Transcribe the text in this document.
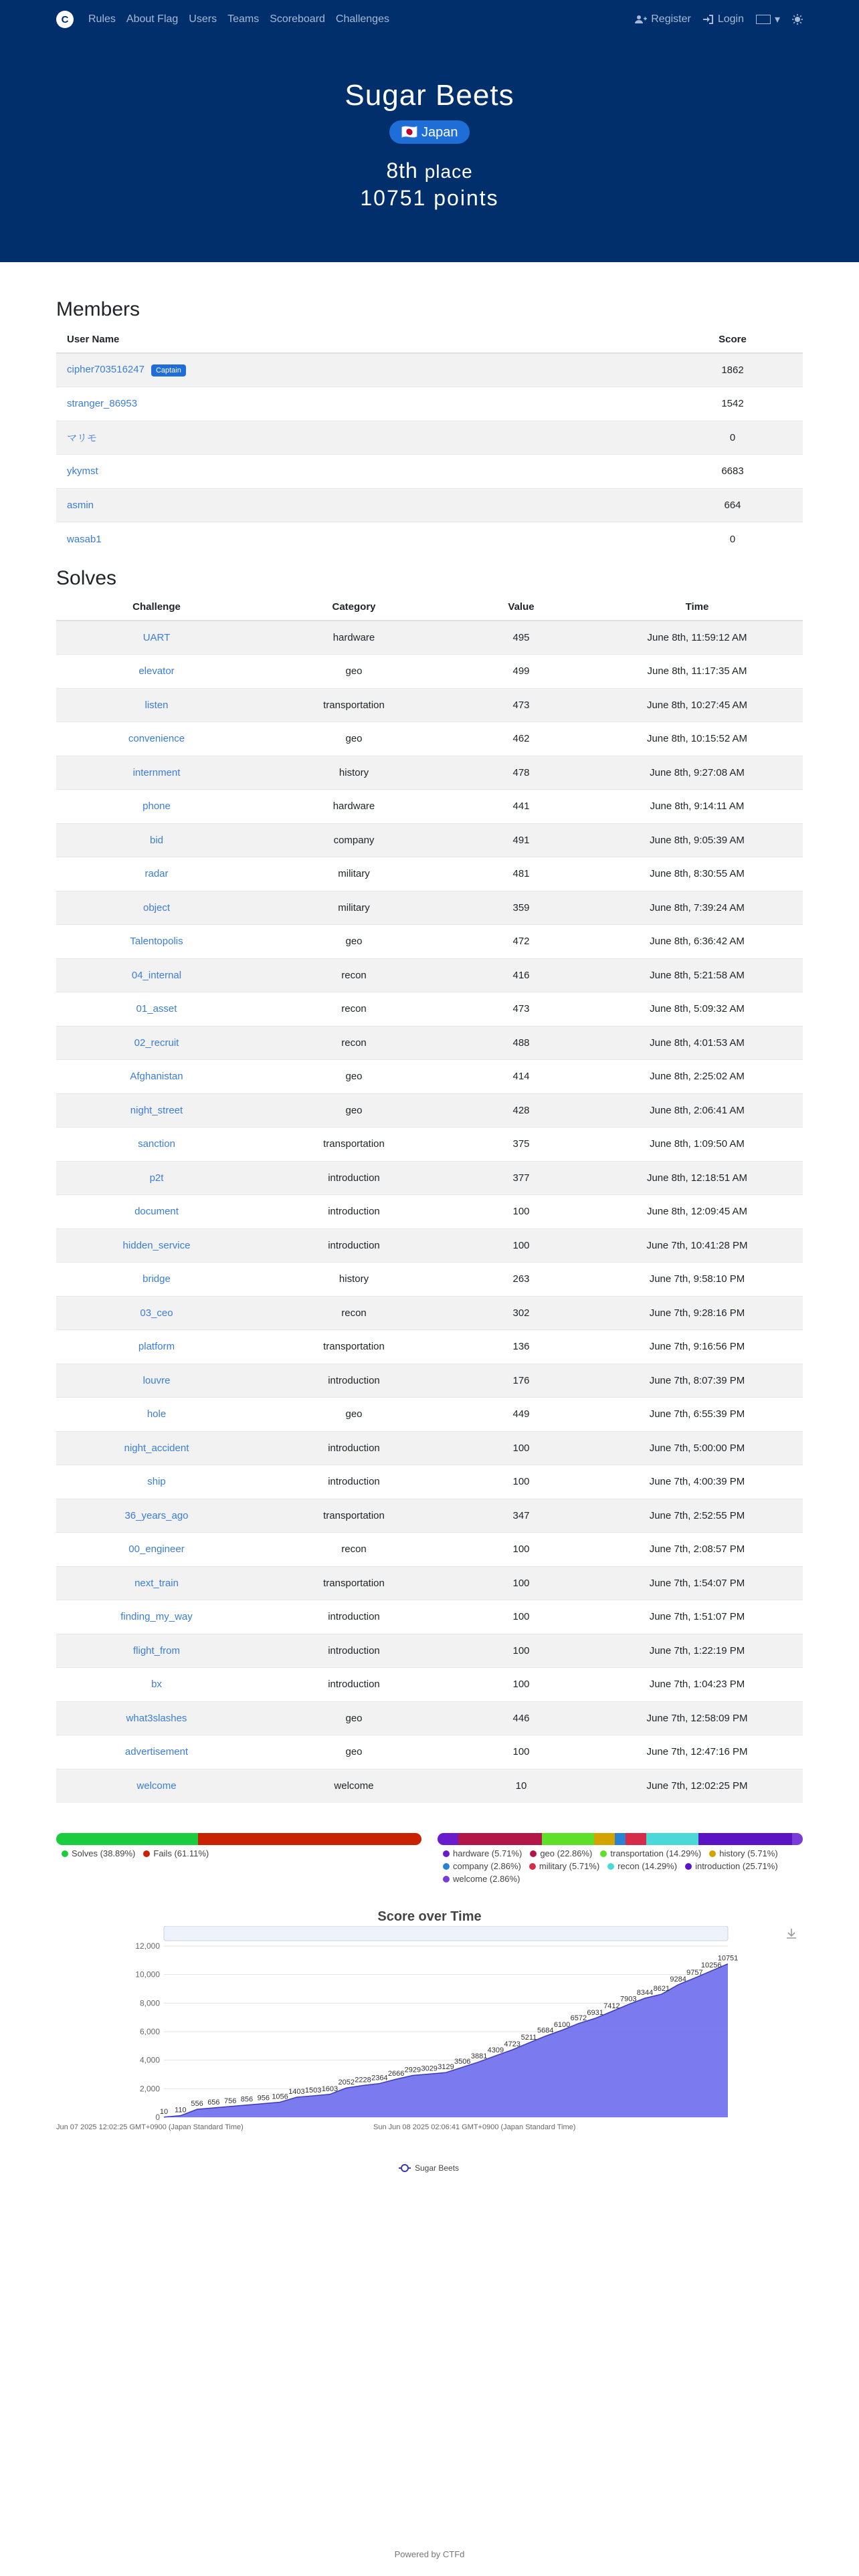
C	Rules About Flag Users Teams Scoreboard Challenges	Register	Login	▾
Sugar Beets
🇯🇵 Japan
8th place
10751 points
Members
User Name	Score
cipher703516247 Captain	1862
stranger_86953	1542
マリモ	0
ykymst	6683
asmin	664
wasab1	0
Solves
Challenge	Category	Value	Time
UART	hardware	495	June 8th, 11:59:12 AM
elevator	geo	499	June 8th, 11:17:35 AM
listen	transportation	473	June 8th, 10:27:45 AM
convenience	geo	462	June 8th, 10:15:52 AM
internment	history	478	June 8th, 9:27:08 AM
phone	hardware	441	June 8th, 9:14:11 AM
bid	company	491	June 8th, 9:05:39 AM
radar	military	481	June 8th, 8:30:55 AM
object	military	359	June 8th, 7:39:24 AM
Talentopolis	geo	472	June 8th, 6:36:42 AM
04_internal	recon	416	June 8th, 5:21:58 AM
01_asset	recon	473	June 8th, 5:09:32 AM
02_recruit	recon	488	June 8th, 4:01:53 AM
Afghanistan	geo	414	June 8th, 2:25:02 AM
night_street	geo	428	June 8th, 2:06:41 AM
sanction	transportation	375	June 8th, 1:09:50 AM
p2t	introduction	377	June 8th, 12:18:51 AM
document	introduction	100	June 8th, 12:09:45 AM
hidden_service	introduction	100	June 7th, 10:41:28 PM
bridge	history	263	June 7th, 9:58:10 PM
03_ceo	recon	302	June 7th, 9:28:16 PM
platform	transportation	136	June 7th, 9:16:56 PM
louvre	introduction	176	June 7th, 8:07:39 PM
hole	geo	449	June 7th, 6:55:39 PM
night_accident	introduction	100	June 7th, 5:00:00 PM
ship	introduction	100	June 7th, 4:00:39 PM
36_years_ago	transportation	347	June 7th, 2:52:55 PM
00_engineer	recon	100	June 7th, 2:08:57 PM
next_train	transportation	100	June 7th, 1:54:07 PM
finding_my_way	introduction	100	June 7th, 1:51:07 PM
flight_from	introduction	100	June 7th, 1:22:19 PM
bx	introduction	100	June 7th, 1:04:23 PM
what3slashes	geo	446	June 7th, 12:58:09 PM
advertisement	geo	100	June 7th, 12:47:16 PM
welcome	welcome	10	June 7th, 12:02:25 PM
Solves (38.89%) Fails (61.11%)	hardware (5.71%) geo (22.86%) transportation (14.29%) history (5.71%)
company (2.86%) military (5.71%) recon (14.29%) introduction (25.71%)
welcome (2.86%)
Score over Time
0
2,000
4,000
6,000
8,000
10,000
12,000
10 110
556 656 756 856 956 1056
1403 1503 1603
2052 2228 2364
2666 2929 3029 3129
3506
3881
4309
4723
5211
5684
6100
6572
6931
7412
7903
8344 8621
9284
9757
10256
10751
Jun 07 2025 12:02:25 GMT+0900 (Japan Standard Time)	Sun Jun 08 2025 02:06:41 GMT+0900 (Japan Standard Time)
Sugar Beets
Powered by CTFd
